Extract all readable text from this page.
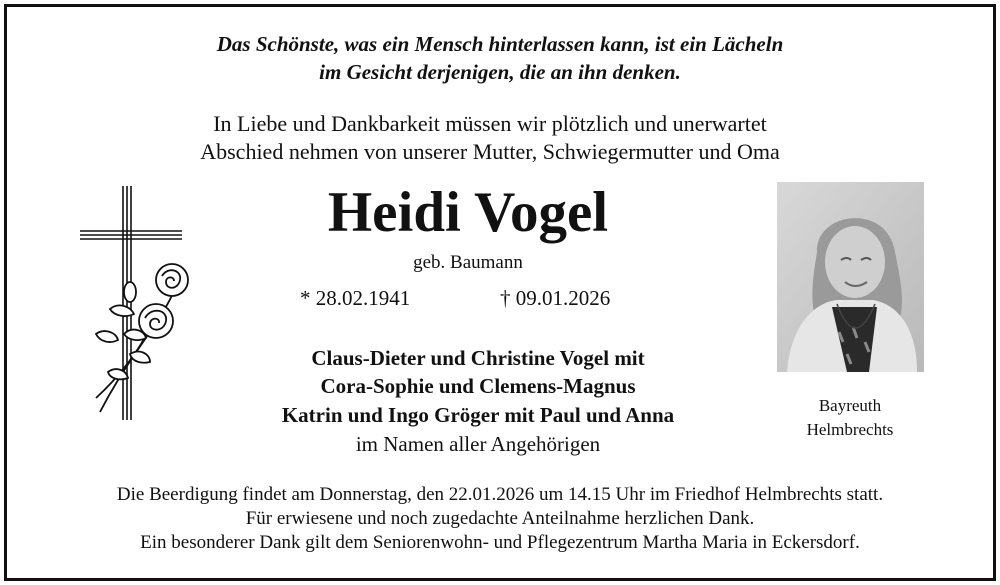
Das Schönste, was ein Mensch hinterlassen kann, ist ein Lächeln
im Gesicht derjenigen, die an ihn denken.
In Liebe und Dankbarkeit müssen wir plötzlich und unerwartet
Abschied nehmen von unserer Mutter, Schwiegermutter und Oma
Heidi Vogel
geb. Baumann
* 28.02.1941	† 09.01.2026
Bayreuth
Helmbrechts
Claus-Dieter und Christine Vogel mit
Cora-Sophie und Clemens-Magnus
Katrin und Ingo Gröger mit Paul und Anna
im Namen aller Angehörigen
Die Beerdigung findet am Donnerstag, den 22.01.2026 um 14.15 Uhr im Friedhof Helmbrechts statt.
Für erwiesene und noch zugedachte Anteilnahme herzlichen Dank.
Ein besonderer Dank gilt dem Seniorenwohn- und Pflegezentrum Martha Maria in Eckersdorf.
